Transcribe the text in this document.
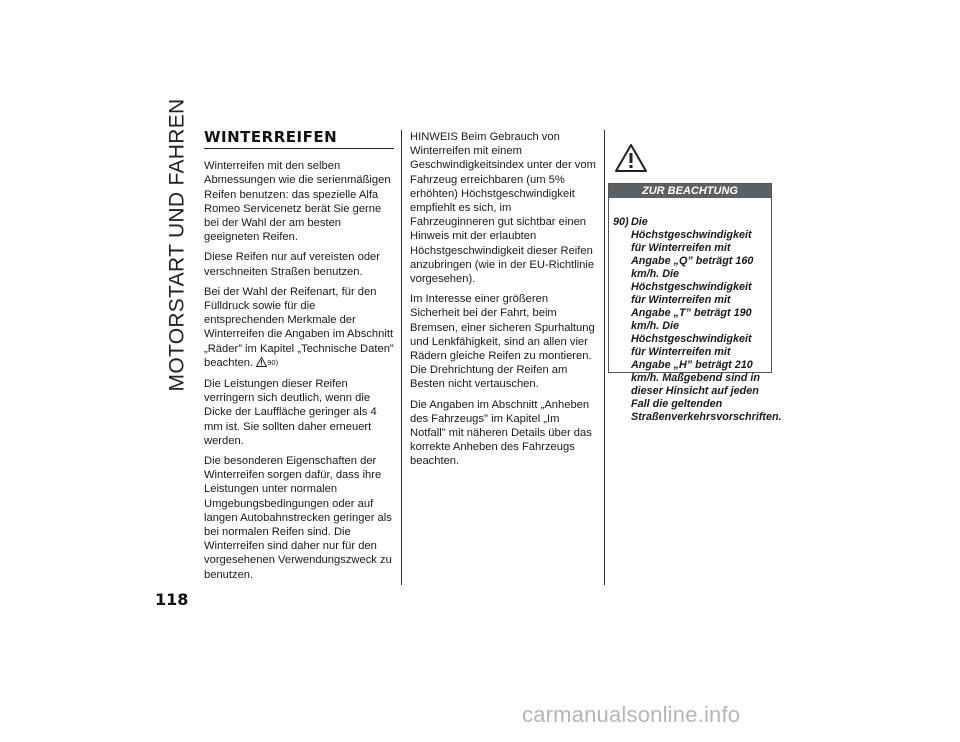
MOTORSTART UND FAHREN WINTERREIFEN

Winterreifen mit den selben Abmessungen wie die serienmäßigen Reifen benutzen: das spezielle Alfa Romeo Servicenetz berät Sie gerne bei der Wahl der am besten geeigneten Reifen.

Diese Reifen nur auf vereisten oder verschneiten Straßen benutzen.

Bei der Wahl der Reifenart, für den Fülldruck sowie für die entsprechenden Merkmale der Winterreifen die Angaben im Abschnitt „Räder” im Kapitel „Technische Daten” beachten. 90)

Die Leistungen dieser Reifen verringern sich deutlich, wenn die Dicke der Lauffläche geringer als 4 mm ist. Sie sollten daher erneuert werden.

Die besonderen Eigenschaften der Winterreifen sorgen dafür, dass ihre Leistungen unter normalen Umgebungsbedingungen oder auf langen Autobahnstrecken geringer als bei normalen Reifen sind. Die Winterreifen sind daher nur für den vorgesehenen Verwendungszweck zu benutzen.

HINWEIS Beim Gebrauch von Winterreifen mit einem Geschwindigkeitsindex unter der vom Fahrzeug erreichbaren (um 5% erhöhten) Höchstgeschwindigkeit empfiehlt es sich, im Fahrzeuginneren gut sichtbar einen Hinweis mit der erlaubten Höchstgeschwindigkeit dieser Reifen anzubringen (wie in der EU-Richtlinie vorgesehen).

Im Interesse einer größeren Sicherheit bei der Fahrt, beim Bremsen, einer sicheren Spurhaltung und Lenkfähigkeit, sind an allen vier Rädern gleiche Reifen zu montieren. Die Drehrichtung der Reifen am Besten nicht vertauschen.

Die Angaben im Abschnitt „Anheben des Fahrzeugs" im Kapitel „Im Notfall" mit näheren Details über das korrekte Anheben des Fahrzeugs beachten.

ZUR BEACHTUNG
90) Die Höchstgeschwindigkeit für Winterreifen mit Angabe „Q” beträgt 160 km/h. Die Höchstgeschwindigkeit für Winterreifen mit Angabe „T” beträgt 190 km/h. Die Höchstgeschwindigkeit für Winterreifen mit Angabe „H” beträgt 210 km/h. Maßgebend sind in dieser Hinsicht auf jeden Fall die geltenden Straßenverkehrsvorschriften.
118
carmanualsonline.info
